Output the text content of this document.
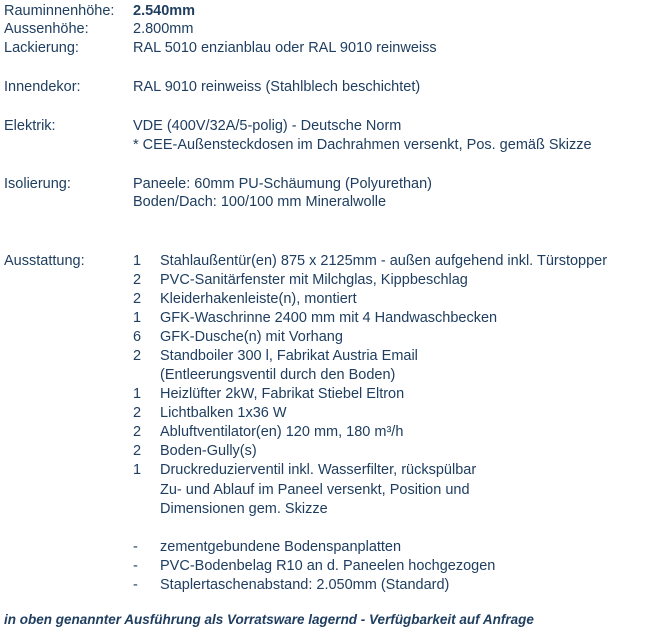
Rauminnenhöhe: 2.540mm
Aussenhöhe:	2.800mm
Lackierung:	RAL 5010 enzianblau oder RAL 9010 reinweiss
Innendekor:	RAL 9010 reinweiss (Stahlblech beschichtet)
Elektrik:	VDE (400V/32A/5-polig) - Deutsche Norm
* CEE-Außensteckdosen im Dachrahmen versenkt, Pos. gemäß Skizze
Isolierung:	Paneele: 60mm PU-Schäumung (Polyurethan)
Boden/Dach: 100/100 mm Mineralwolle
Ausstattung:	1 Stahlaußentür(en) 875 x 2125mm - außen aufgehend inkl. Türstopper
2 PVC-Sanitärfenster mit Milchglas, Kippbeschlag
2 Kleiderhakenleiste(n), montiert
1 GFK-Waschrinne 2400 mm mit 4 Handwaschbecken
6 GFK-Dusche(n) mit Vorhang
2 Standboiler 300 l, Fabrikat Austria Email
(Entleerungsventil durch den Boden)
1 Heizlüfter 2kW, Fabrikat Stiebel Eltron
2 Lichtbalken 1x36 W
2 Abluftventilator(en) 120 mm, 180 m³/h
2 Boden-Gully(s)
1 Druckreduzierventil inkl. Wasserfilter, rückspülbar
Zu- und Ablauf im Paneel versenkt, Position und
Dimensionen gem. Skizze
- zementgebundene Bodenspanplatten
- PVC-Bodenbelag R10 an d. Paneelen hochgezogen
- Staplertaschenabstand: 2.050mm (Standard)
in oben genannter Ausführung als Vorratsware lagernd - Verfügbarkeit auf Anfrage
